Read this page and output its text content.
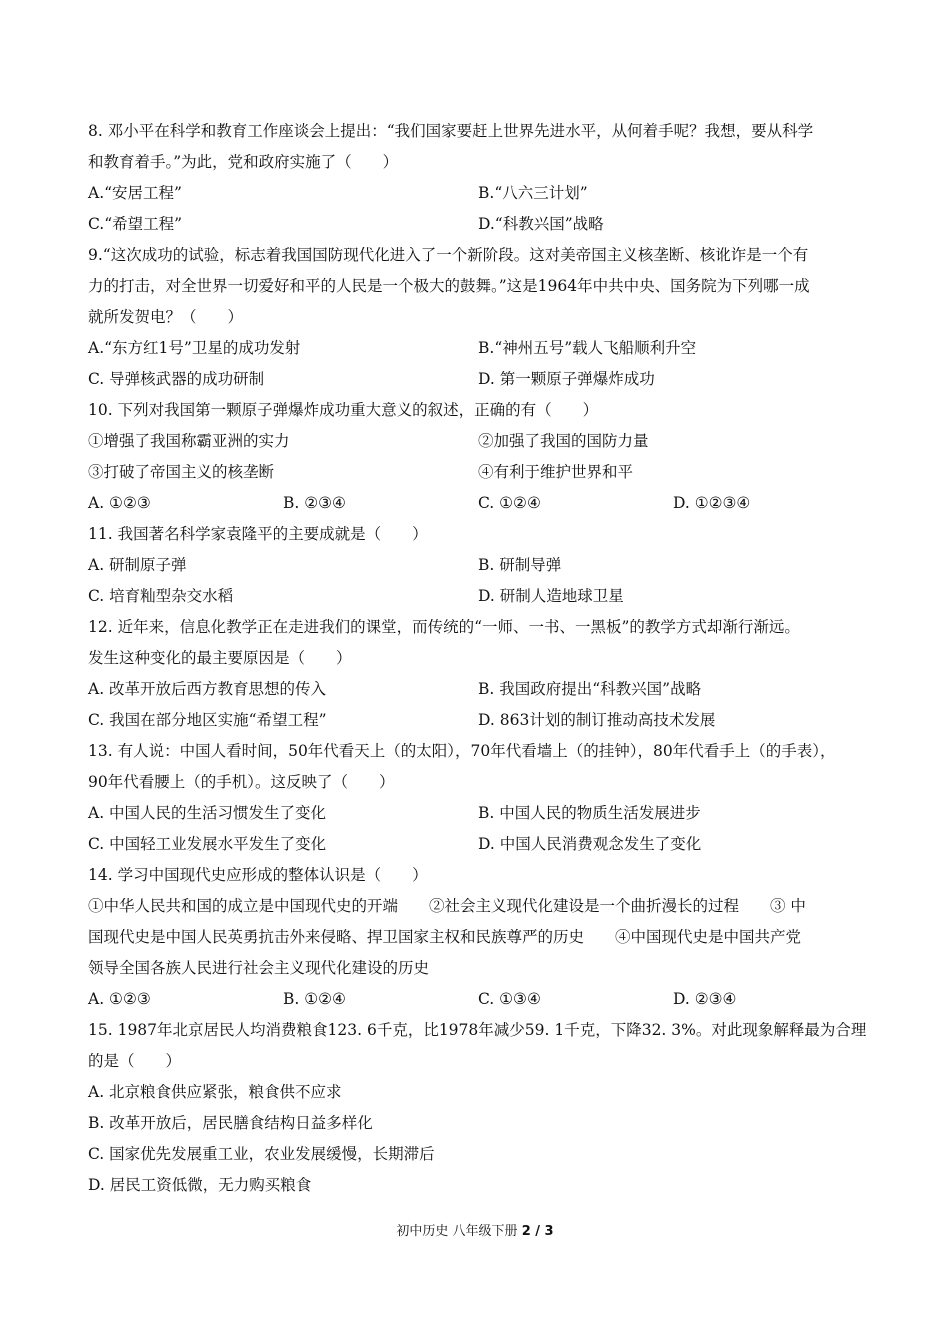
8. 邓小平在科学和教育工作座谈会上提出：“我们国家要赶上世界先进水平，从何着手呢？我想，要从科学
和教育着手。”为此，党和政府实施了（　　）
A.“安居工程”	B.“八六三计划”
C.“希望工程”	D.“科教兴国”战略
9.“这次成功的试验，标志着我国国防现代化进入了一个新阶段。这对美帝国主义核垄断、核讹诈是一个有
力的打击，对全世界一切爱好和平的人民是一个极大的鼓舞。”这是1964年中共中央、国务院为下列哪一成
就所发贺电？（　　）
A.“东方红1号”卫星的成功发射	B.“神州五号”载人飞船顺利升空
C. 导弹核武器的成功研制	D. 第一颗原子弹爆炸成功
10. 下列对我国第一颗原子弹爆炸成功重大意义的叙述，正确的有（　　）
①增强了我国称霸亚洲的实力	②加强了我国的国防力量
③打破了帝国主义的核垄断	④有利于维护世界和平
A. ①②③	B. ②③④	C. ①②④	D. ①②③④
11. 我国著名科学家袁隆平的主要成就是（　　）
A. 研制原子弹	B. 研制导弹
C. 培育籼型杂交水稻	D. 研制人造地球卫星
12. 近年来，信息化教学正在走进我们的课堂，而传统的“一师、一书、一黑板”的教学方式却渐行渐远。
发生这种变化的最主要原因是（　　）
A. 改革开放后西方教育思想的传入	B. 我国政府提出“科教兴国”战略
C. 我国在部分地区实施“希望工程”	D. 863计划的制订推动高技术发展
13. 有人说：中国人看时间，50年代看天上（的太阳），70年代看墙上（的挂钟），80年代看手上（的手表），
90年代看腰上（的手机）。这反映了（　　）
A. 中国人民的生活习惯发生了变化	B. 中国人民的物质生活发展进步
C. 中国轻工业发展水平发生了变化	D. 中国人民消费观念发生了变化
14. 学习中国现代史应形成的整体认识是（　　）
①中华人民共和国的成立是中国现代史的开端　　②社会主义现代化建设是一个曲折漫长的过程　　③ 中
国现代史是中国人民英勇抗击外来侵略、捍卫国家主权和民族尊严的历史　　④中国现代史是中国共产党
领导全国各族人民进行社会主义现代化建设的历史
A. ①②③	B. ①②④	C. ①③④	D. ②③④
15. 1987年北京居民人均消费粮食123. 6千克，比1978年减少59. 1千克，下降32. 3%。对此现象解释最为合理
的是（　　）
A. 北京粮食供应紧张，粮食供不应求
B. 改革开放后，居民膳食结构日益多样化
C. 国家优先发展重工业，农业发展缓慢，长期滞后
D. 居民工资低微，无力购买粮食
初中历史 八年级下册 2 / 3
